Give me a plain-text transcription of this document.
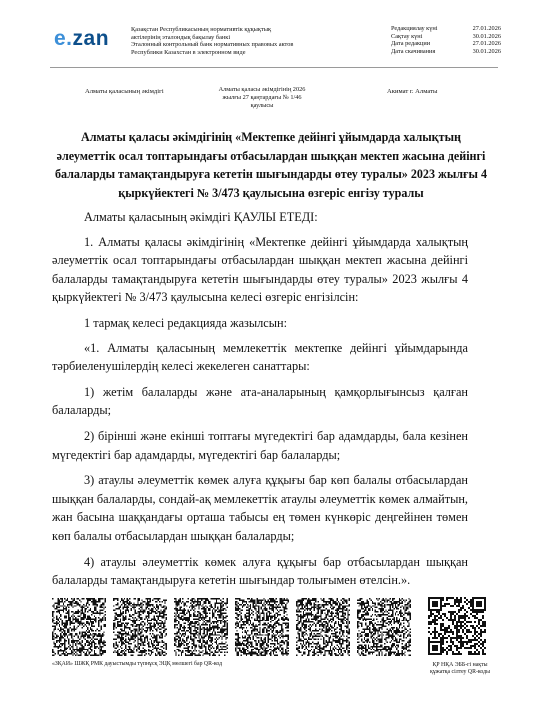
e.zan	Қазақстан Республикасының нормативтік құқықтық
актілерінің эталондық бақылау банкі
Эталонный контрольный банк нормативных правовых актов
Республики Казахстан в электронном виде
Редакциялау күні	27.01.2026
Сақтау күні	30.01.2026
Дата редакции	27.01.2026
Дата скачивания	30.01.2026
Алматы қаласының әкімдігі	Алматы қаласы әкімдігінің 2026
жылғы 27 қаңтардағы № 1/46
қаулысы
Акимат г. Алматы
Алматы қаласы әкімдігінің «Мектепке дейінгі ұйымдарда халықтың әлеуметтік осал топтарындағы отбасылардан шыққан мектеп жасына дейінгі балаларды тамақтандыруға кететін шығындарды өтеу туралы» 2023 жылғы 4 қыркүйектегі № 3/473 қаулысына өзгеріс енгізу туралы

Алматы қаласының әкімдігі ҚАУЛЫ ЕТЕДІ:

1. Алматы қаласы әкімдігінің «Мектепке дейінгі ұйымдарда халықтың әлеуметтік осал топтарындағы отбасылардан шыққан мектеп жасына дейінгі балаларды тамақтандыруға кететін шығындарды өтеу туралы» 2023 жылғы 4 қыркүйектегі № 3/473 қаулысына келесі өзгеріс енгізілсін:

1 тармақ келесі редакцияда жазылсын:

«1. Алматы қаласының мемлекеттік мектепке дейінгі ұйымдарында тәрбиеленушілердің келесі жекелеген санаттары:

1) жетім балаларды және ата-аналарының қамқорлығынсыз қалған балаларды;

2) бірінші және екінші топтағы мүгедектігі бар адамдарды, бала кезінен мүгедектігі бар адамдарды, мүгедектігі бар балаларды;

3) атаулы әлеуметтік көмек алуға құқығы бар көп балалы отбасылардан шыққан балаларды, сондай-ақ мемлекеттік атаулы әлеуметтік көмек алмайтын, жан басына шаққандағы орташа табысы ең төмен күнкөріс деңгейінен төмен көп балалы отбасылардан шыққан балаларды;

4) атаулы әлеуметтік көмек алуға құқығы бар отбасылардан шыққан балаларды тамақтандыруға кететін шығындар толығымен өтелсін.».

«ЗҚАИ» ШЖҚ РМК дауыстымды түпнұсқ ЭЦҚ мөлшегі бар QR-код	ҚР НҚА ЭББ-гі нақты
құжатқа сілтеу QR-коды
